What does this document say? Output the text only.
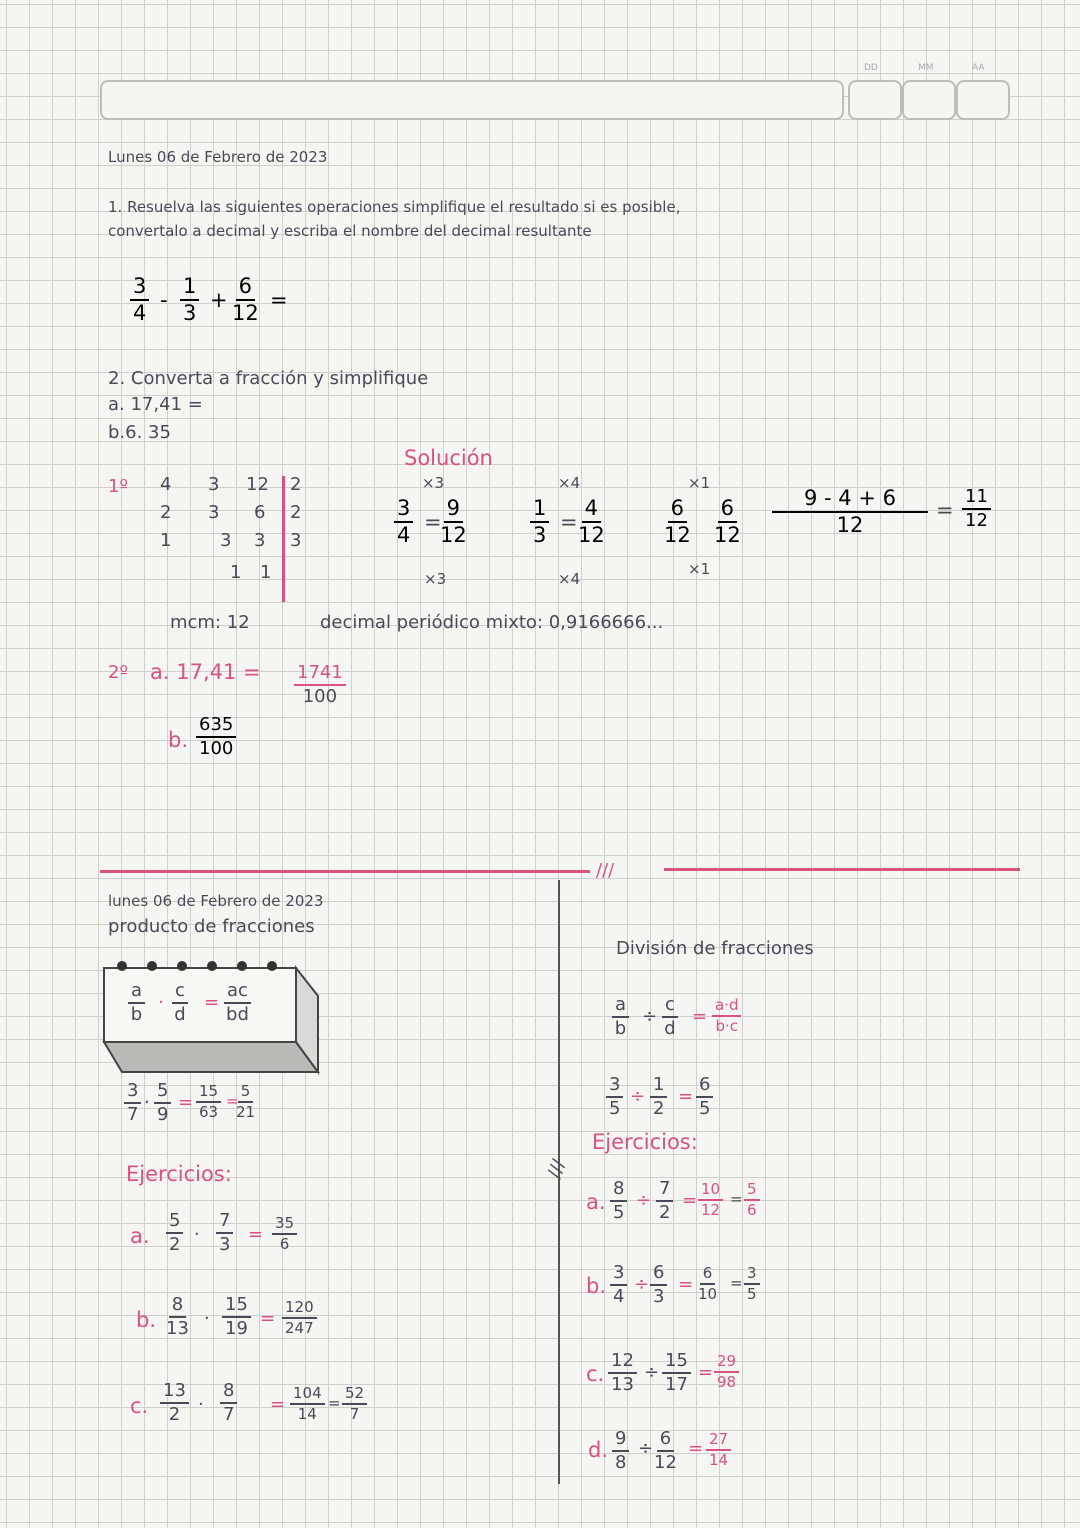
DD	MM	AA
Lunes 06 de Febrero de 2023
1. Resuelva las siguientes operaciones simplifique el resultado si es posible,
convertalo a decimal y escriba el nombre del decimal resultante
3
4
-
1
3
+
6
12
=
2. Converta a fracción y simplifique
a. 17,41 =
b.6. 35
Solución
1º 4 3 12 2
2 3 6 2
1	3 3 3
1 1
mcm: 12
×3
3
4
=
9
12
×3
×4
1
3
=
4
12
×4
×1
6
12
6
12
×1
9 - 4 + 6
12
=
11
12
decimal periódico mixto: 0,9166666...
2º a. 17,41 = 1741
100
b.
635
100
///
lunes 06 de Febrero de 2023
producto de fracciones
a
b
·
c
d
=
ac
bd
3
7
·
5
9
=
15
63
=
5
21
Ejercicios:
a.
5
2 ·
7
3 =
35
6
b.
8
13 ·
15
19 =
120
247
c.
13
2 ·
8
7 =
104
14
=
52
7
///
División de fracciones
a
b
÷
c
d
=
a·d
b·c
3
5
÷
1
2
=
6
5
Ejercicios:
a.
8
5
÷
7
2
=
10
12
=
5
6
b.
3
4
÷
6
3
=
6
10
=
3
5
c.
12
13
÷
15
17
=
29
98
d. 9
8
÷ 6
12
= 27
14
